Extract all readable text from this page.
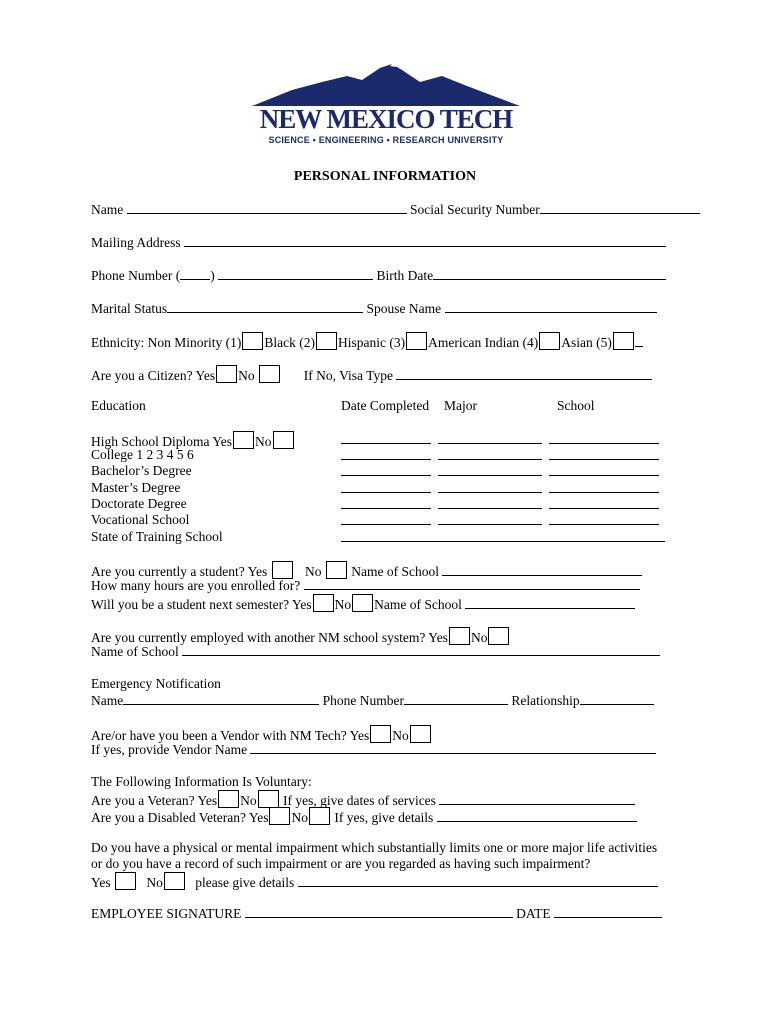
NEW MEXICO TECH
SCIENCE • ENGINEERING • RESEARCH UNIVERSITY
PERSONAL INFORMATION
Name	Social Security Number
Mailing Address
Phone Number ( )	Birth Date
Marital Status	Spouse Name
Ethnicity: Non Minority (1) Black (2) Hispanic (3) American Indian (4) Asian (5)
Are you a Citizen? Yes No	If No, Visa Type
Education	Date Completed Major	School
High School Diploma Yes No
College 1 2 3 4 5 6
Bachelor’s Degree
Master’s Degree
Doctorate Degree
Vocational School
State of Training School

Are you currently a student? Yes	No Name of School
How many hours are you enrolled for?
Will you be a student next semester? Yes No Name of School
Are you currently employed with another NM school system? Yes No
Name of School
Emergency Notification
Name	Phone Number	Relationship
Are/or have you been a Vendor with NM Tech? Yes No
If yes, provide Vendor Name
The Following Information Is Voluntary:
Are you a Veteran? Yes No If yes, give dates of services
Are you a Disabled Veteran? Yes No If yes, give details
Do you have a physical or mental impairment which substantially limits one or more major life activities
or do you have a record of such impairment or are you regarded as having such impairment?
Yes	No please give details
EMPLOYEE SIGNATURE	DATE
